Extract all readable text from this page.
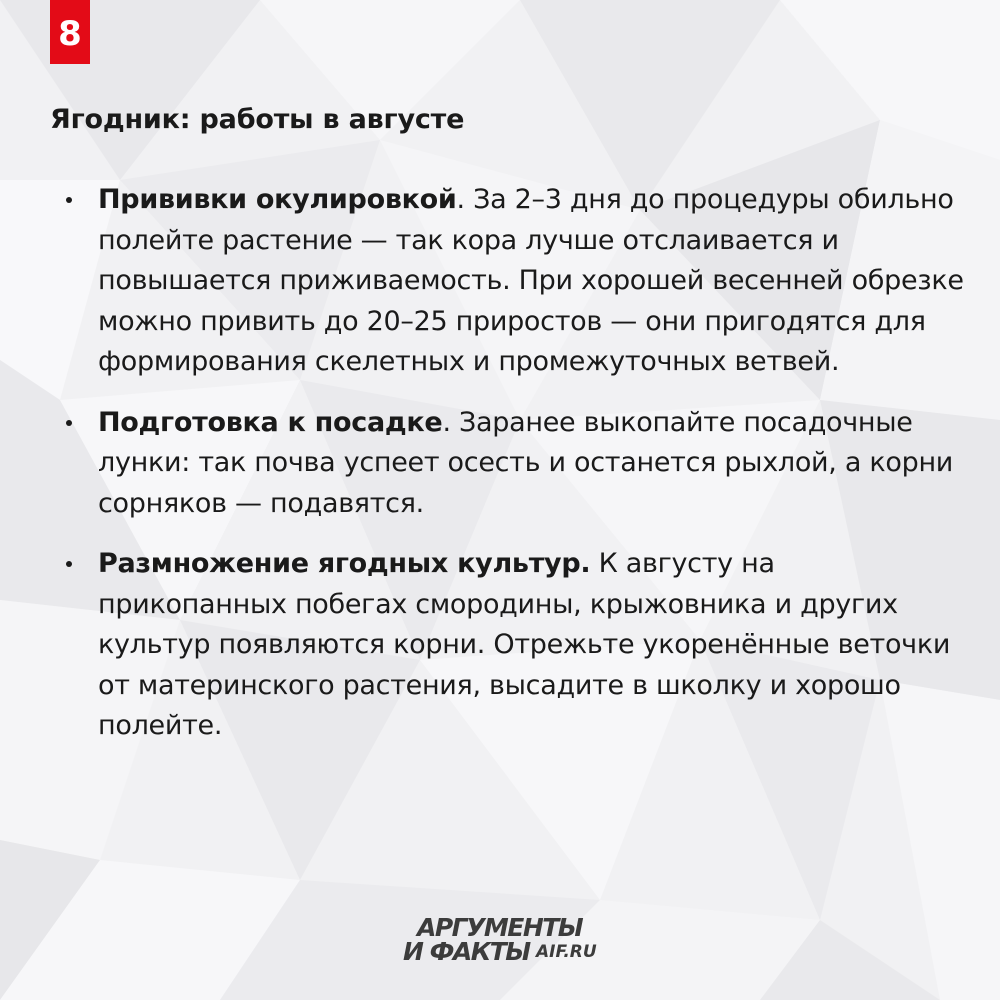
8
Ягодник: работы в августе
Прививки окулировкой. За 2–3 дня до процедуры обильно полейте растение — так кора лучше отслаивается и повышается приживаемость. При хорошей весенней обрезке можно привить до 20–25 приростов — они пригодятся для формирования скелетных и промежуточных ветвей.
Подготовка к посадке. Заранее выкопайте посадочные лунки: так почва успеет осесть и останется рыхлой, а корни сорняков — подавятся.
Размножение ягодных культур. К августу на прикопанных побегах смородины, крыжовника и других культур появляются корни. Отрежьте укоренённые веточки от материнского растения, высадите в школку и хорошо полейте.
АРГУМЕНТЫ
И ФАКТЫ AIF.RU
